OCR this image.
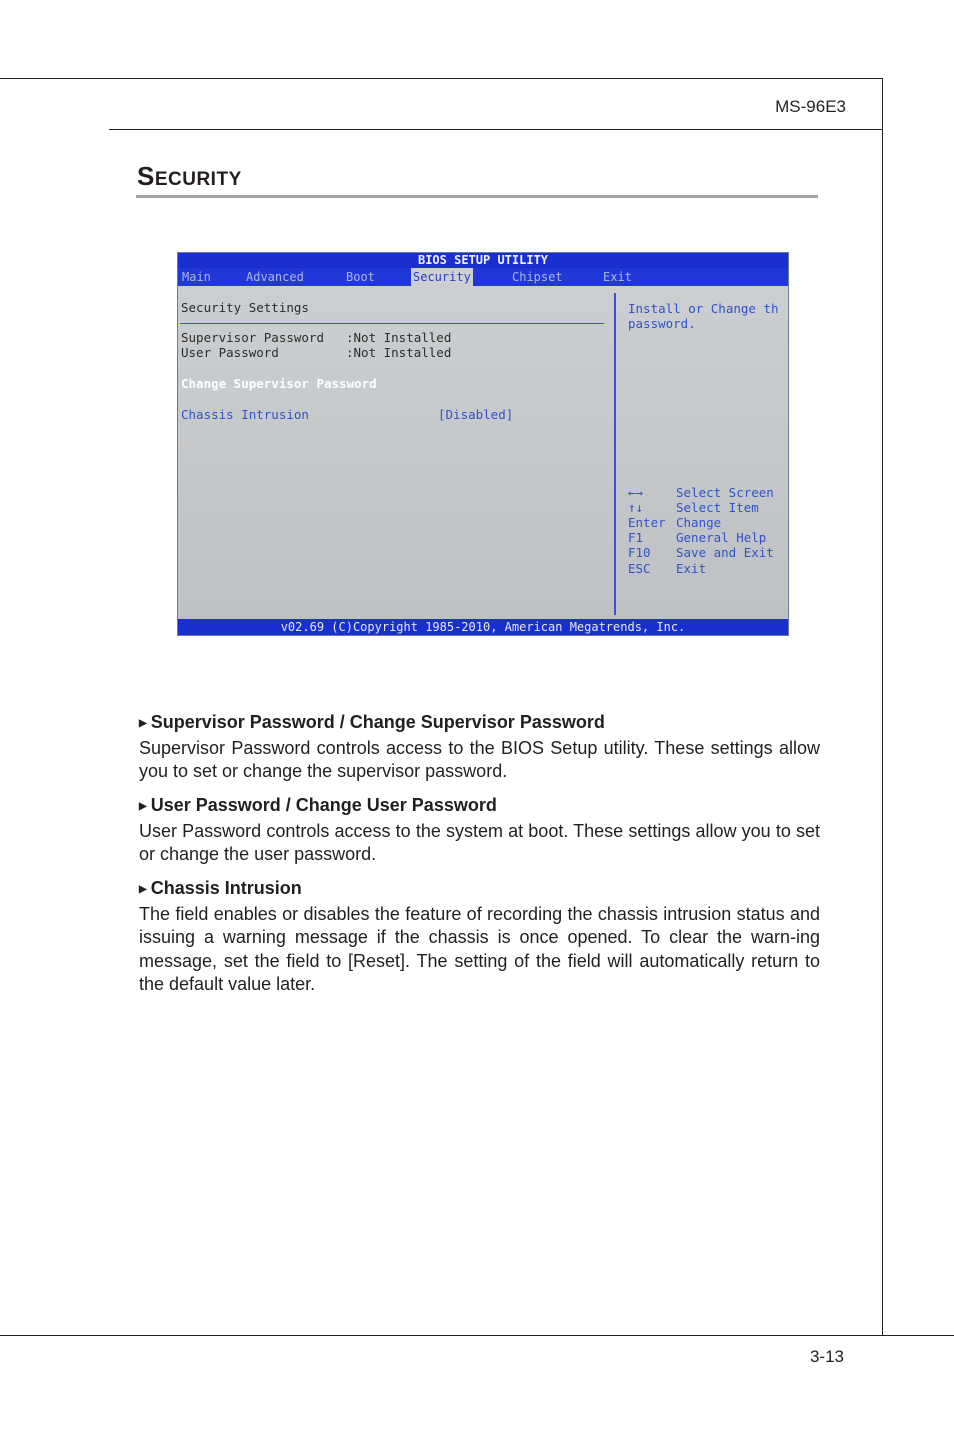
MS-96E3
SECURITY
BIOS SETUP UTILITY
Main	Advanced	Boot	Security	Chipset	Exit
Security Settings
Supervisor Password :Not Installed
User Password	:Not Installed
Change Supervisor Password
Chassis Intrusion	[Disabled]
Install or Change th
password.
←→	Select Screen
↑↓	Select Item
Enter Change
F1	General Help
F10 Save and Exit
ESC Exit
v02.69 (C)Copyright 1985-2010, American Megatrends, Inc.
▶ Supervisor Password / Change Supervisor Password
Supervisor Password controls access to the BIOS Setup utility. These settings allow you to set or change the supervisor password.
▶ User Password / Change User Password
User Password controls access to the system at boot. These settings allow you to set or change the user password.
▶ Chassis Intrusion
The field enables or disables the feature of recording the chassis intrusion status and issuing a warning message if the chassis is once opened. To clear the warn-ing message, set the field to [Reset]. The setting of the field will automatically return to the default value later.
3-13
